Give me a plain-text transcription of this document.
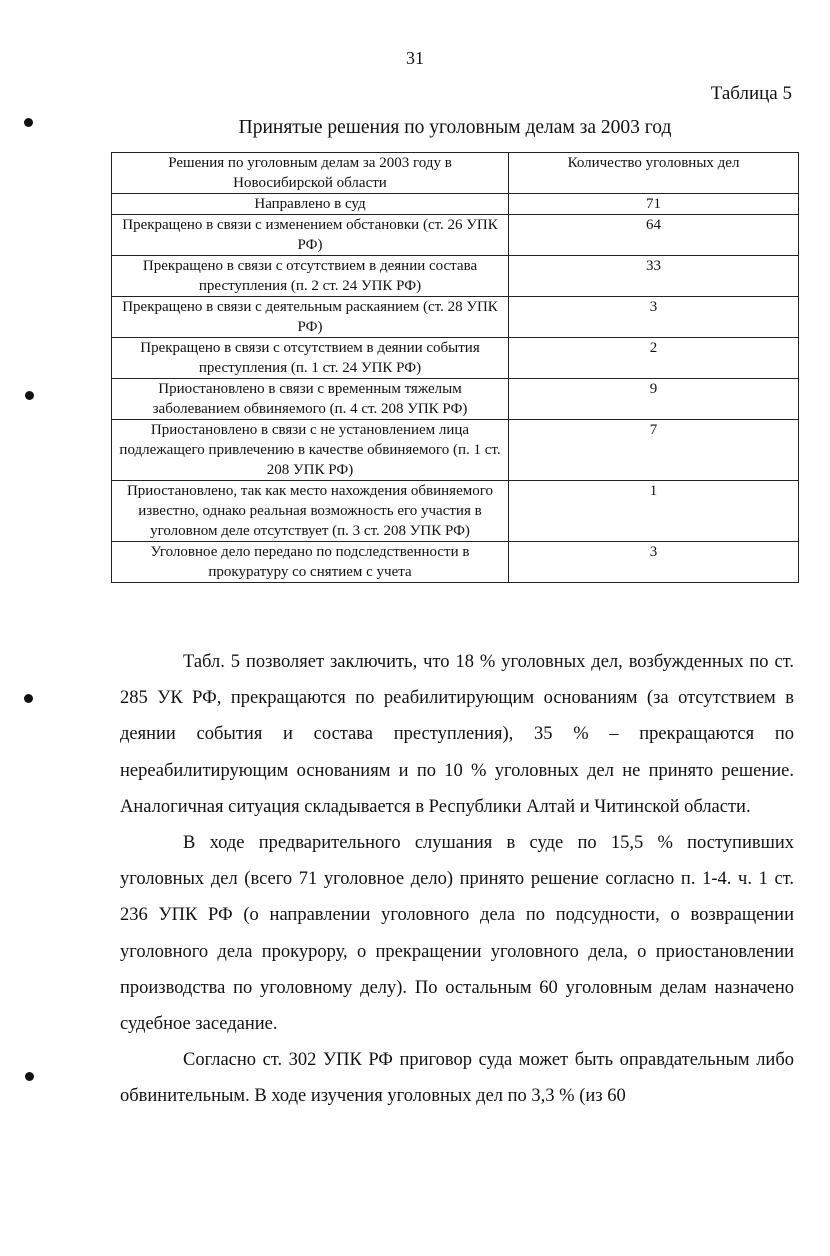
31
Таблица 5
Принятые решения по уголовным делам за 2003 год
Решения по уголовным делам за 2003 году в Новосибирской области	Количество уголовных дел
Направлено в суд	71
Прекращено в связи с изменением обстановки (ст. 26 УПК РФ)	64
Прекращено в связи с отсутствием в деянии состава преступления (п. 2 ст. 24 УПК РФ)	33
Прекращено в связи с деятельным раскаянием (ст. 28 УПК РФ)	3
Прекращено в связи с отсутствием в деянии события преступления (п. 1 ст. 24 УПК РФ)	2
Приостановлено в связи с временным тяжелым заболеванием обвиняемого (п. 4 ст. 208 УПК РФ)	9
Приостановлено в связи с не установлением лица подлежащего привлечению в качестве обвиняемого (п. 1 ст. 208 УПК РФ)	7
Приостановлено, так как место нахождения обвиняемого известно, однако реальная возможность его участия в уголовном деле отсутствует (п. 3 ст. 208 УПК РФ)	1
Уголовное дело передано по подследственности в прокуратуру со снятием с учета	3

Табл. 5 позволяет заключить, что 18 % уголовных дел, возбужденных по ст. 285 УК РФ, прекращаются по реабилитирующим основаниям (за отсутствием в деянии события и состава преступления), 35 % – прекращаются по нереабилитирующим основаниям и по 10 % уголовных дел не принято решение. Аналогичная ситуация складывается в Республики Алтай и Читинской области.

В ходе предварительного слушания в суде по 15,5 % поступивших уголовных дел (всего 71 уголовное дело) принято решение согласно п. 1-4. ч. 1 ст. 236 УПК РФ (о направлении уголовного дела по подсудности, о возвращении уголовного дела прокурору, о прекращении уголовного дела, о приостановлении производства по уголовному делу). По остальным 60 уголовным делам назначено судебное заседание.

Согласно ст. 302 УПК РФ приговор суда может быть оправдательным либо обвинительным. В ходе изучения уголовных дел по 3,3 % (из 60
